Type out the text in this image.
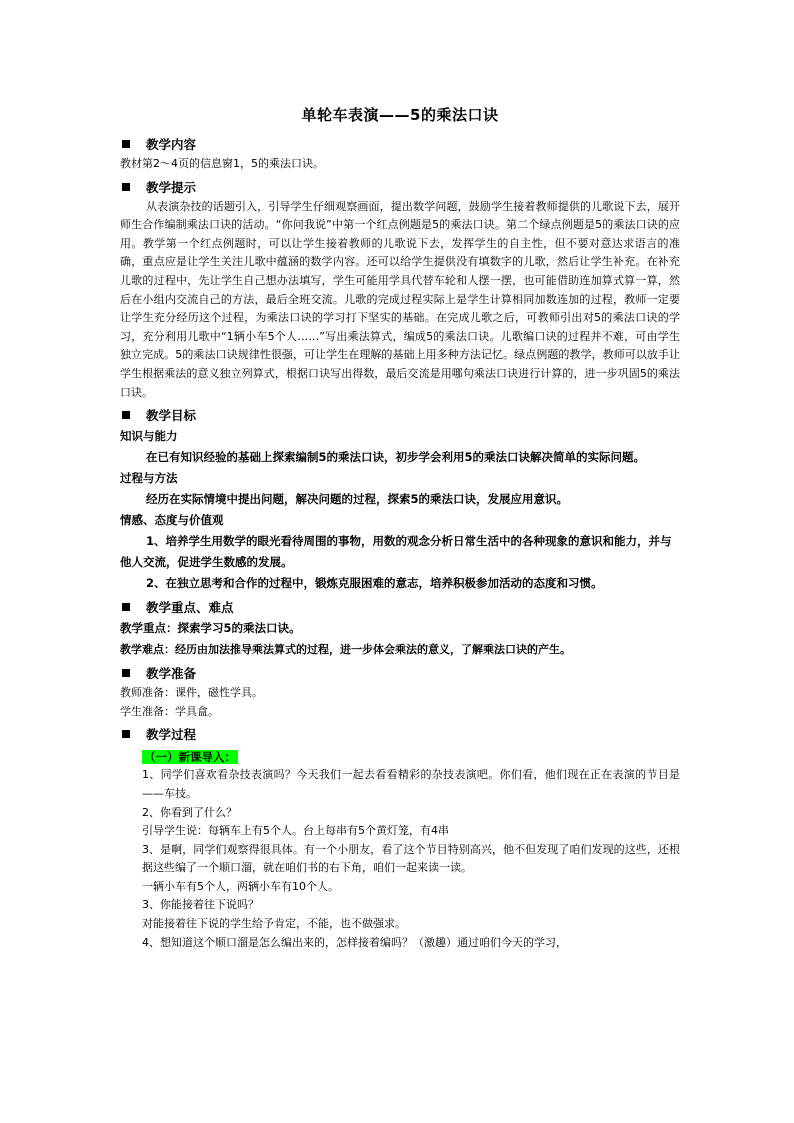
单轮车表演——5的乘法口诀
教学内容

教材第2～4页的信息窗1，5的乘法口诀。

教学提示

从表演杂技的话题引入，引导学生仔细观察画面，提出数学问题，鼓励学生接着教师提供的儿歌说下去，展开师生合作编制乘法口诀的活动。“你问我说”中第一个红点例题是5的乘法口诀。第二个绿点例题是5的乘法口诀的应用。教学第一个红点例题时，可以让学生接着教师的儿歌说下去，发挥学生的自主性，但不要对意达求语言的准确，重点应是让学生关注儿歌中蕴涵的数学内容。还可以给学生提供没有填数字的儿歌，然后让学生补充。在补充儿歌的过程中，先让学生自己想办法填写，学生可能用学具代替车轮和人摆一摆，也可能借助连加算式算一算，然后在小组内交流自己的方法，最后全班交流。儿歌的完成过程实际上是学生计算相同加数连加的过程，教师一定要让学生充分经历这个过程，为乘法口诀的学习打下坚实的基础。在完成儿歌之后，可教师引出对5的乘法口诀的学习，充分利用儿歌中“1辆小车5个人……”写出乘法算式，编成5的乘法口诀。儿歌编口诀的过程并不难，可由学生独立完成。5的乘法口诀规律性很强，可让学生在理解的基础上用多种方法记忆。绿点例题的教学，教师可以放手让学生根据乘法的意义独立列算式，根据口诀写出得数，最后交流是用哪句乘法口诀进行计算的，进一步巩固5的乘法口诀。

教学目标

知识与能力

在已有知识经验的基础上探索编制5的乘法口诀，初步学会利用5的乘法口诀解决简单的实际问题。

过程与方法

经历在实际情境中提出问题，解决问题的过程，探索5的乘法口诀，发展应用意识。

情感、态度与价值观

1、培养学生用数学的眼光看待周围的事物，用数的观念分析日常生活中的各种现象的意识和能力，并与他人交流，促进学生数感的发展。

2、在独立思考和合作的过程中，锻炼克服困难的意志，培养积极参加活动的态度和习惯。

教学重点、难点

教学重点：探索学习5的乘法口诀。

教学难点：经历由加法推导乘法算式的过程，进一步体会乘法的意义，了解乘法口诀的产生。

教学准备

教师准备：课件，磁性学具。

学生准备：学具盒。

教学过程
（一）新课导入：

1、同学们喜欢看杂技表演吗？今天我们一起去看看精彩的杂技表演吧。你们看，他们现在正在表演的节目是——车技。

2、你看到了什么？

引导学生说：每辆车上有5个人。台上每串有5个黄灯笼，有4串

3、是啊，同学们观察得很具体。有一个小朋友，看了这个节目特别高兴，他不但发现了咱们发现的这些，还根据这些编了一个顺口溜，就在咱们书的右下角，咱们一起来读一读。

一辆小车有5个人，两辆小车有10个人。

3、你能接着往下说吗？

对能接着往下说的学生给予肯定，不能，也不做强求。

4、想知道这个顺口溜是怎么编出来的，怎样接着编吗？（激趣）通过咱们今天的学习，
